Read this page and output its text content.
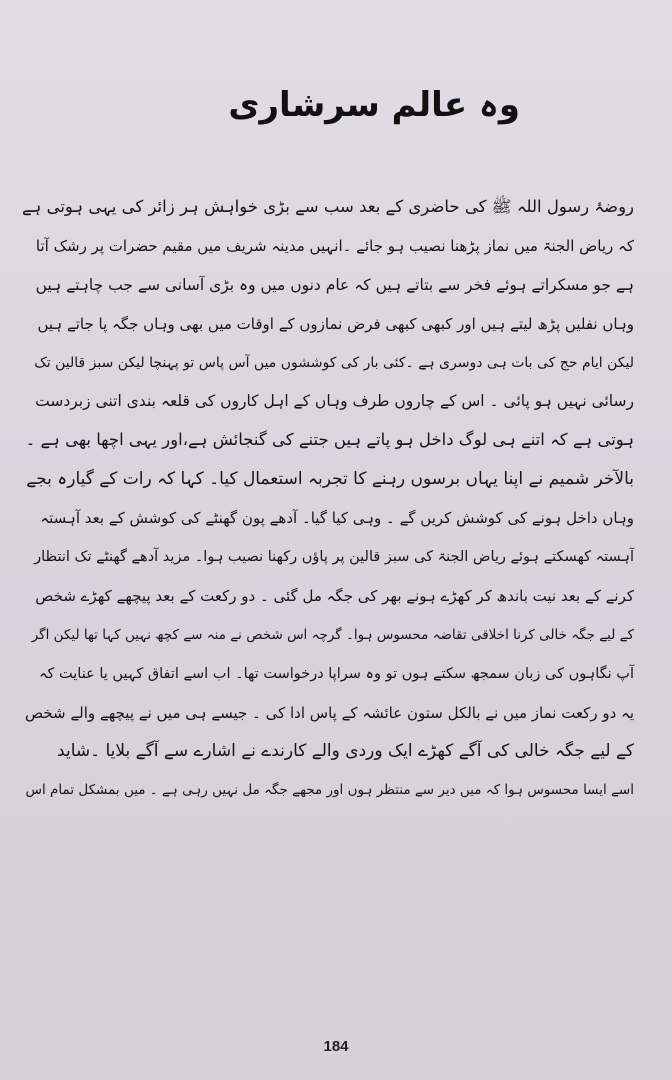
وہ عالم سرشاری
روضۂ رسول اللہ ﷺ کی حاضری کے بعد سب سے بڑی خواہش ہر زائر کی یہی ہوتی ہے
کہ ریاض الجنۃ میں نماز پڑھنا نصیب ہو جائے ۔انہیں مدینہ شریف میں مقیم حضرات پر رشک آتا
ہے جو مسکراتے ہوئے فخر سے بتاتے ہیں کہ عام دنوں میں وہ بڑی آسانی سے جب چاہتے ہیں
وہاں نفلیں پڑھ لیتے ہیں اور کبھی کبھی فرض نمازوں کے اوقات میں بھی وہاں جگہ پا جاتے ہیں
لیکن ایام حج کی بات ہی دوسری ہے ۔کئی بار کی کوششوں میں آس پاس تو پہنچا لیکن سبز قالین تک
رسائی نہیں ہو پائی ۔ اس کے چاروں طرف وہاں کے اہل کاروں کی قلعہ بندی اتنی زبردست
ہوتی ہے کہ اتنے ہی لوگ داخل ہو پاتے ہیں جتنے کی گنجائش ہے،اور یہی اچھا بھی ہے ۔
بالآخر شمیم نے اپنا یہاں برسوں رہنے کا تجربہ استعمال کیا۔ کہا کہ رات کے گیارہ بجے
وہاں داخل ہونے کی کوشش کریں گے ۔ وہی کیا گیا۔ آدھے پون گھنٹے کی کوشش کے بعد آہستہ
آہستہ کھسکتے ہوئے ریاض الجنۃ کی سبز قالین پر پاؤں رکھنا نصیب ہوا۔ مزید آدھے گھنٹے تک انتظار
کرنے کے بعد نیت باندھ کر کھڑے ہونے بھر کی جگہ مل گئی ۔ دو رکعت کے بعد پیچھے کھڑے شخص
کے لیے جگہ خالی کرنا اخلاقی تقاضہ محسوس ہوا۔ گرچہ اس شخص نے منہ سے کچھ نہیں کہا تھا لیکن اگر
آپ نگاہوں کی زبان سمجھ سکتے ہوں تو وہ سراپا درخواست تھا۔ اب اسے اتفاق کہیں یا عنایت کہ
یہ دو رکعت نماز میں نے بالکل ستون عائشہ کے پاس ادا کی ۔ جیسے ہی میں نے پیچھے والے شخص
کے لیے جگہ خالی کی آگے کھڑے ایک وردی والے کارندے نے اشارے سے آگے بلایا ۔شاید
اسے ایسا محسوس ہوا کہ میں دیر سے منتظر ہوں اور مجھے جگہ مل نہیں رہی ہے ۔ میں بمشکل تمام اس
184
